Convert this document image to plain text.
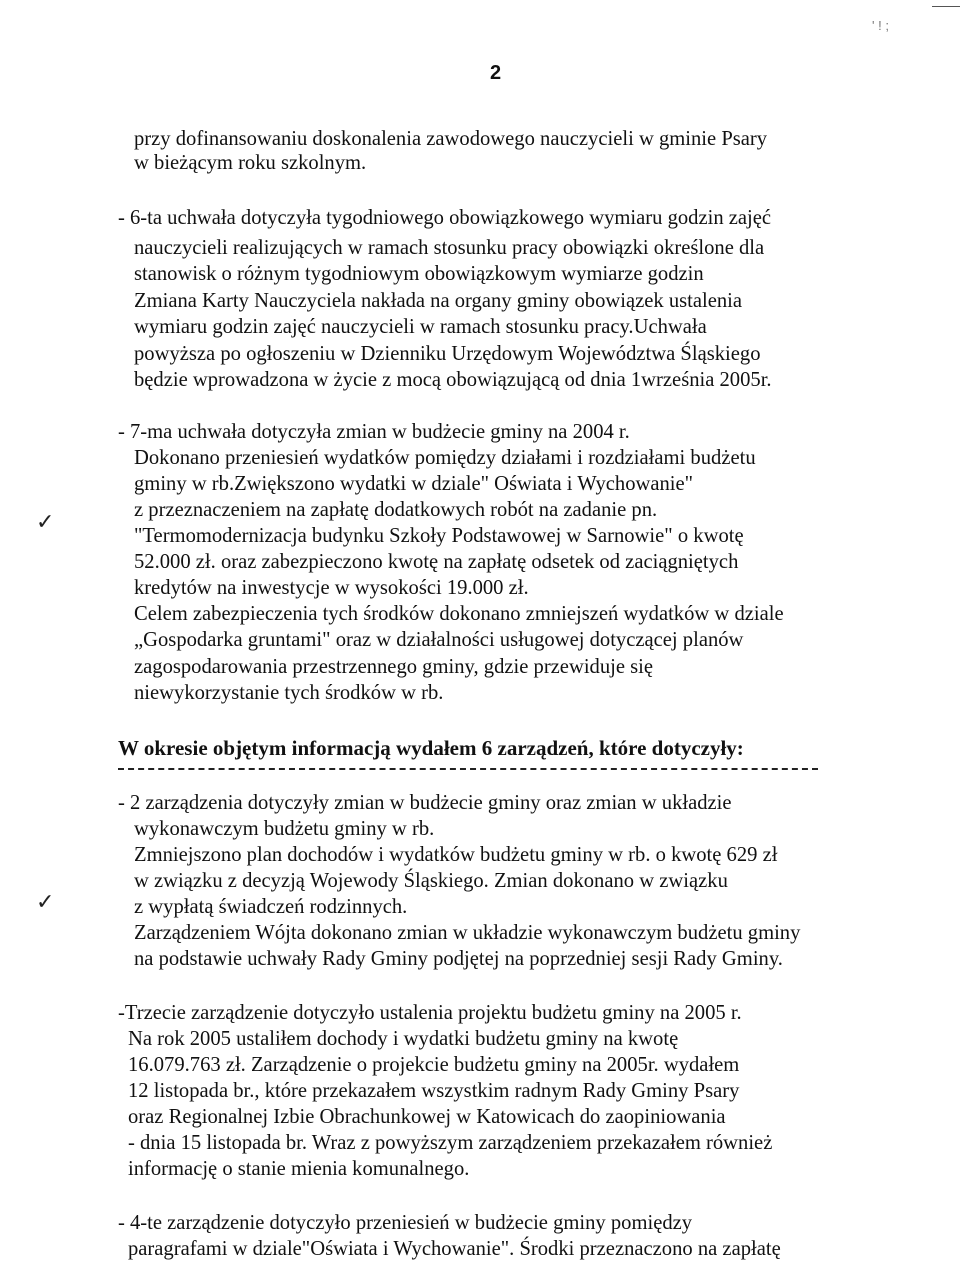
' ! ;
2
przy dofinansowaniu doskonalenia zawodowego nauczycieli w gminie Psary
w bieżącym roku szkolnym.
- 6-ta uchwała dotyczyła tygodniowego obowiązkowego wymiaru godzin zajęć
nauczycieli realizujących w ramach stosunku pracy obowiązki określone dla
stanowisk o różnym tygodniowym obowiązkowym wymiarze godzin
Zmiana Karty Nauczyciela nakłada na organy gminy obowiązek ustalenia
wymiaru godzin zajęć nauczycieli w ramach stosunku pracy.Uchwała
powyższa po ogłoszeniu w Dzienniku Urzędowym Województwa Śląskiego
będzie wprowadzona w życie z mocą obowiązującą od dnia 1września 2005r.
- 7-ma uchwała dotyczyła zmian w budżecie gminy na 2004 r.
Dokonano przeniesień wydatków pomiędzy działami i rozdziałami budżetu
gminy w rb.Zwiększono wydatki w dziale" Oświata i Wychowanie"
z przeznaczeniem na zapłatę dodatkowych robót na zadanie pn.
"Termomodernizacja budynku Szkoły Podstawowej w Sarnowie" o kwotę
52.000 zł. oraz zabezpieczono kwotę na zapłatę odsetek od zaciągniętych
kredytów na inwestycje w wysokości 19.000 zł.
Celem zabezpieczenia tych środków dokonano zmniejszeń wydatków w dziale
„Gospodarka gruntami" oraz w działalności usługowej dotyczącej planów
zagospodarowania przestrzennego gminy, gdzie przewiduje się
niewykorzystanie tych środków w rb.
W okresie objętym informacją wydałem 6 zarządzeń, które dotyczyły:
- 2 zarządzenia dotyczyły zmian w budżecie gminy oraz zmian w układzie
wykonawczym budżetu gminy w rb.
Zmniejszono plan dochodów i wydatków budżetu gminy w rb. o kwotę 629 zł
w związku z decyzją Wojewody Śląskiego. Zmian dokonano w związku
z wypłatą świadczeń rodzinnych.
Zarządzeniem Wójta dokonano zmian w układzie wykonawczym budżetu gminy
na podstawie uchwały Rady Gminy podjętej na poprzedniej sesji Rady Gminy.
-Trzecie zarządzenie dotyczyło ustalenia projektu budżetu gminy na 2005 r.
Na rok 2005 ustaliłem dochody i wydatki budżetu gminy na kwotę
16.079.763 zł. Zarządzenie o projekcie budżetu gminy na 2005r. wydałem
12 listopada br., które przekazałem wszystkim radnym Rady Gminy Psary
oraz Regionalnej Izbie Obrachunkowej w Katowicach do zaopiniowania
- dnia 15 listopada br. Wraz z powyższym zarządzeniem przekazałem również
informację o stanie mienia komunalnego.
- 4-te zarządzenie dotyczyło przeniesień w budżecie gminy pomiędzy
paragrafami w dziale"Oświata i Wychowanie". Środki przeznaczono na zapłatę
✓
✓
